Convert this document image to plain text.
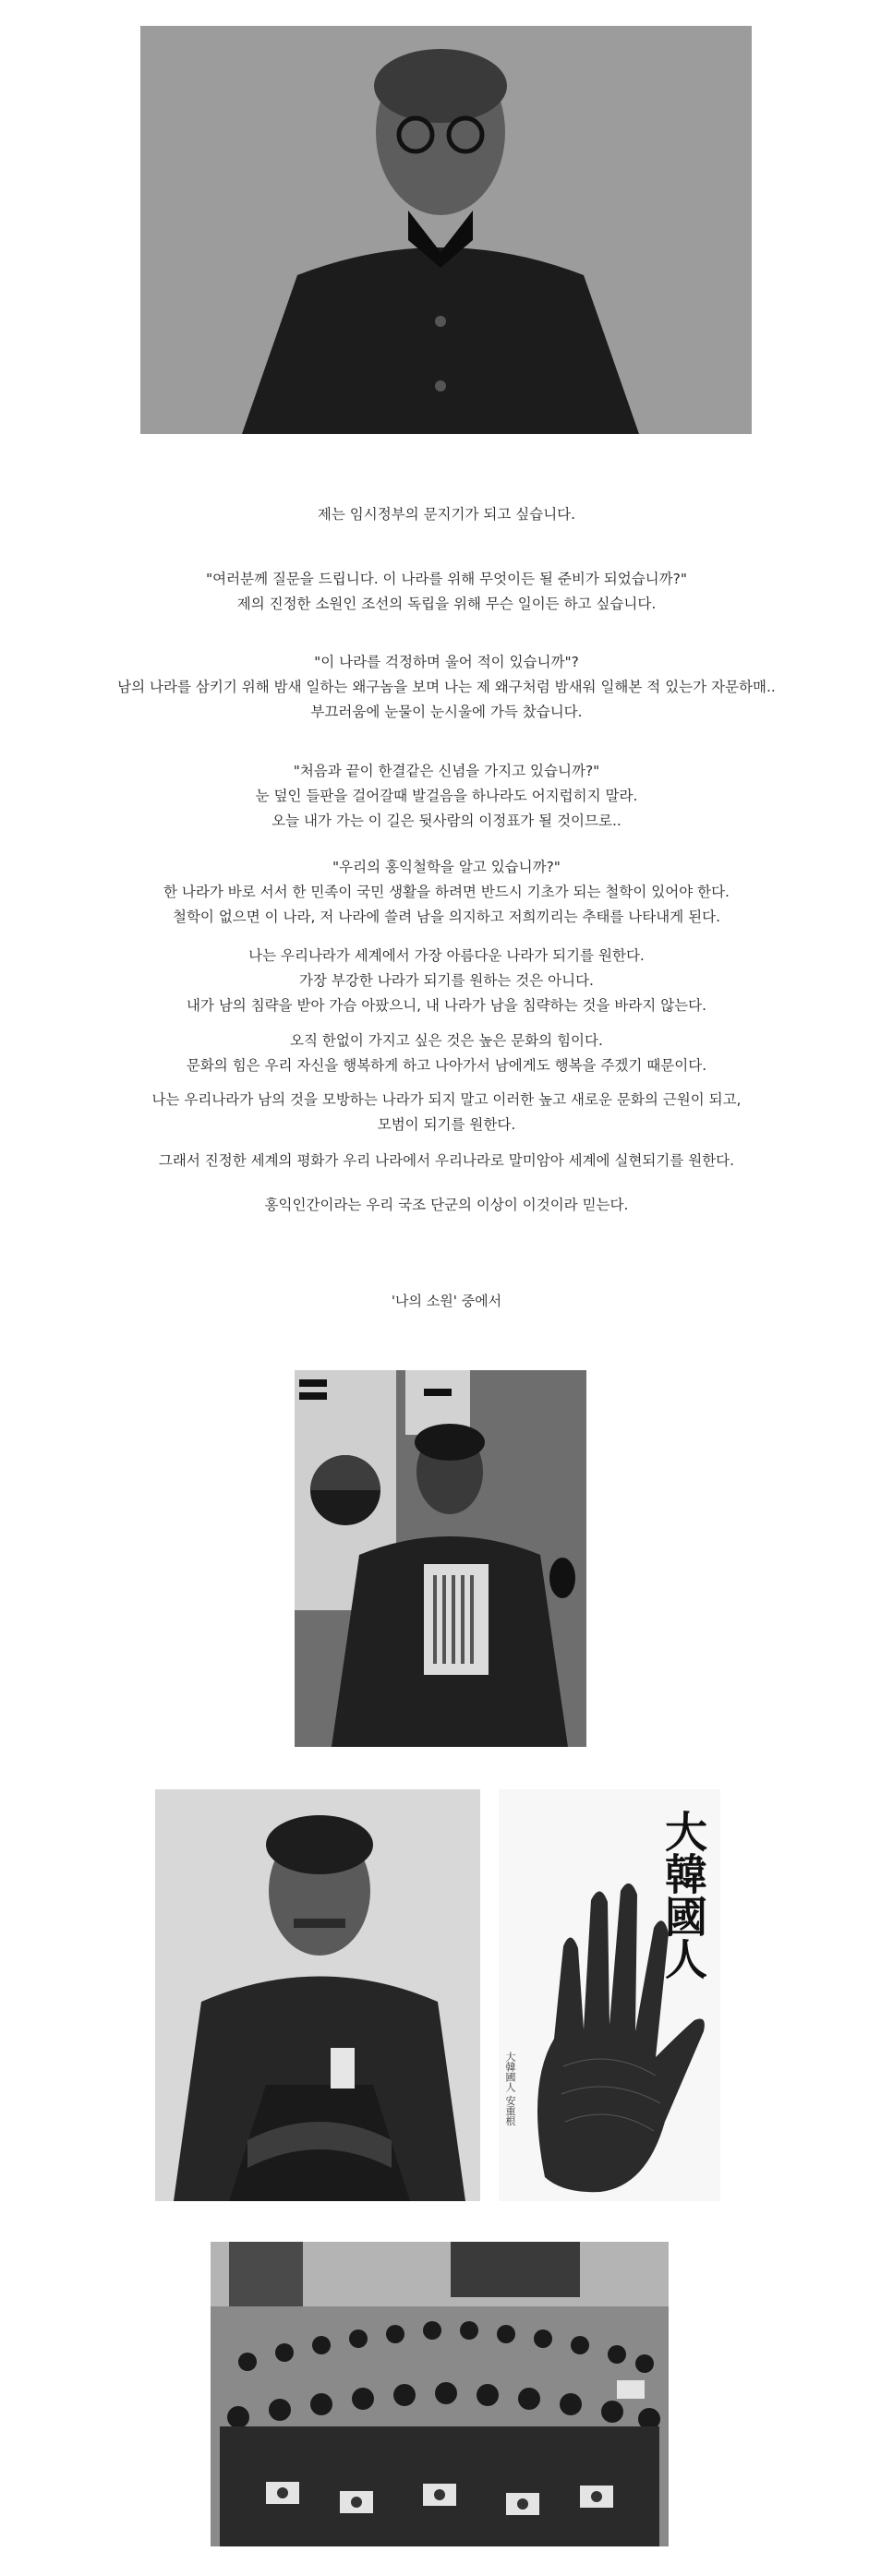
제는 임시정부의 문지기가 되고 싶습니다.

"여러분께 질문을 드립니다. 이 나라를 위해 무엇이든 될 준비가 되었습니까?"

제의 진정한 소원인 조선의 독립을 위해 무슨 일이든 하고 싶습니다.

"이 나라를 걱정하며 울어 적이 있습니까"?

남의 나라를 삼키기 위해 밤새 일하는 왜구놈을 보며 나는 제 왜구처럼 밤새워 일해본 적 있는가 자문하매..

부끄러움에 눈물이 눈시울에 가득 찼습니다.

"처음과 끝이 한결같은 신념을 가지고 있습니까?"

눈 덮인 들판을 걸어갈때 발걸음을 하나라도 어지럽히지 말라.

오늘 내가 가는 이 길은 뒷사람의 이정표가 될 것이므로..

"우리의 홍익철학을 알고 있습니까?"

한 나라가 바로 서서 한 민족이 국민 생활을 하려면 반드시 기초가 되는 철학이 있어야 한다.

철학이 없으면 이 나라, 저 나라에 쓸려 남을 의지하고 저희끼리는 추태를 나타내게 된다.

나는 우리나라가 세계에서 가장 아름다운 나라가 되기를 원한다.

가장 부강한 나라가 되기를 원하는 것은 아니다.

내가 남의 침략을 받아 가슴 아팠으니, 내 나라가 남을 침략하는 것을 바라지 않는다.

오직 한없이 가지고 싶은 것은 높은 문화의 힘이다.

문화의 힘은 우리 자신을 행복하게 하고 나아가서 남에게도 행복을 주겠기 때문이다.

나는 우리나라가 남의 것을 모방하는 나라가 되지 말고 이러한 높고 새로운 문화의 근원이 되고,

모범이 되기를 원한다.

그래서 진정한 세계의 평화가 우리 나라에서 우리나라로 말미암아 세계에 실현되기를 원한다.

홍익인간이라는 우리 국조 단군의 이상이 이것이라 믿는다.

'나의 소원' 중에서
大韓國人
大韓國人 安重根
